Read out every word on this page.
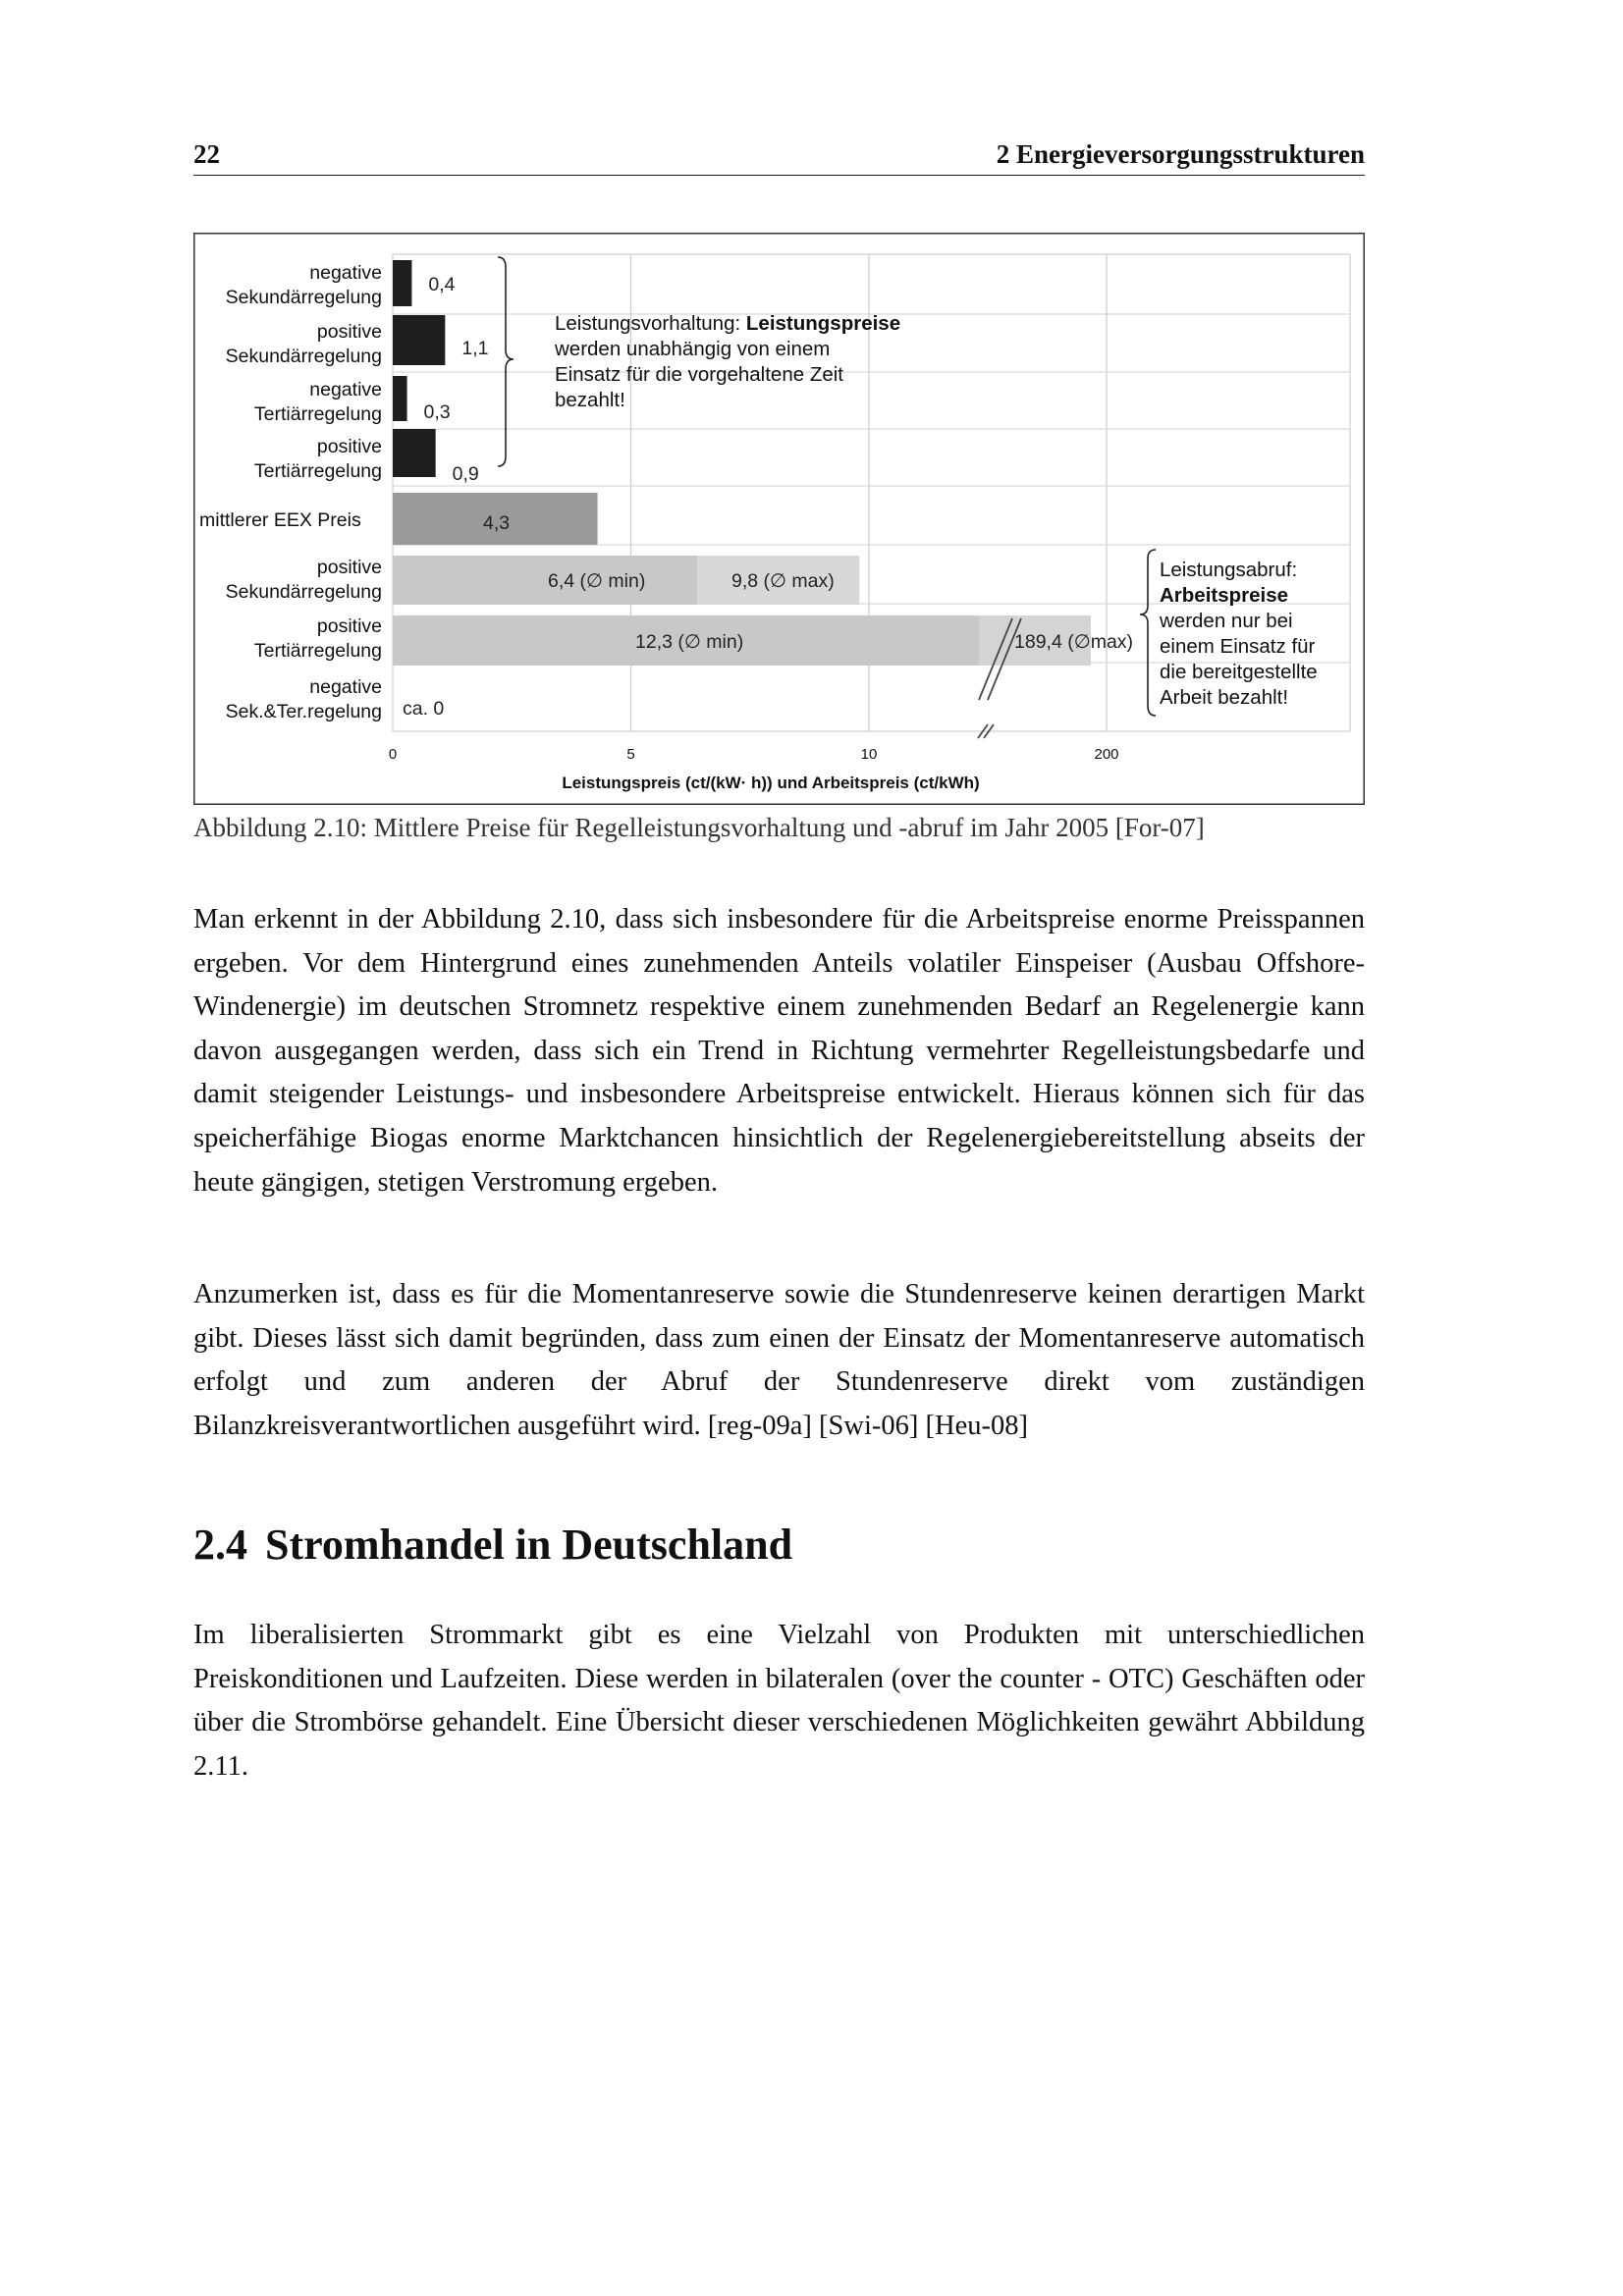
22	2 Energieversorgungsstrukturen
negative
Sekundärregelung
positive
Sekundärregelung
negative
Tertiärregelung
positive
Tertiärregelung
mittlerer EEX Preis
positive
Sekundärregelung
positive
Tertiärregelung
negative
Sek.&Ter.regelung
0,4
1,1
0,3
0,9
4,3
6,4 (∅ min)	9,8 (∅ max)
12,3 (∅ min)	189,4 (∅max)
ca. 0
0	5	10	200
Leistungsvorhaltung: Leistungspreise
werden unabhängig von einem
Einsatz für die vorgehaltene Zeit
bezahlt!
Leistungsabruf:
Arbeitspreise
werden nur bei
einem Einsatz für
die bereitgestellte
Arbeit bezahlt!
Leistungspreis (ct/(kW· h)) und Arbeitspreis (ct/kWh)
Abbildung 2.10: Mittlere Preise für Regelleistungsvorhaltung und -abruf im Jahr 2005 [For-07]

Man erkennt in der Abbildung 2.10, dass sich insbesondere für die Arbeitspreise enorme Preisspannen ergeben. Vor dem Hintergrund eines zunehmenden Anteils volatiler Einspeiser (Ausbau Offshore-Windenergie) im deutschen Stromnetz respektive einem zunehmenden Bedarf an Regelenergie kann davon ausgegangen werden, dass sich ein Trend in Richtung vermehrter Regelleistungsbedarfe und damit steigender Leistungs- und insbesondere Arbeitspreise entwickelt. Hieraus können sich für das speicherfähige Biogas enorme Marktchancen hinsichtlich der Regelenergiebereitstellung abseits der heute gängigen, stetigen Verstromung ergeben.

Anzumerken ist, dass es für die Momentanreserve sowie die Stundenreserve keinen derartigen Markt gibt. Dieses lässt sich damit begründen, dass zum einen der Einsatz der Momentanreserve automatisch erfolgt und zum anderen der Abruf der Stundenreserve direkt vom zuständigen Bilanzkreisverantwortlichen ausgeführt wird. [reg-09a] [Swi-06] [Heu-08]

2.4 Stromhandel in Deutschland

Im liberalisierten Strommarkt gibt es eine Vielzahl von Produkten mit unterschiedlichen Preiskonditionen und Laufzeiten. Diese werden in bilateralen (over the counter - OTC) Geschäften oder über die Strombörse gehandelt. Eine Übersicht dieser verschiedenen Möglichkeiten gewährt Abbildung 2.11.
